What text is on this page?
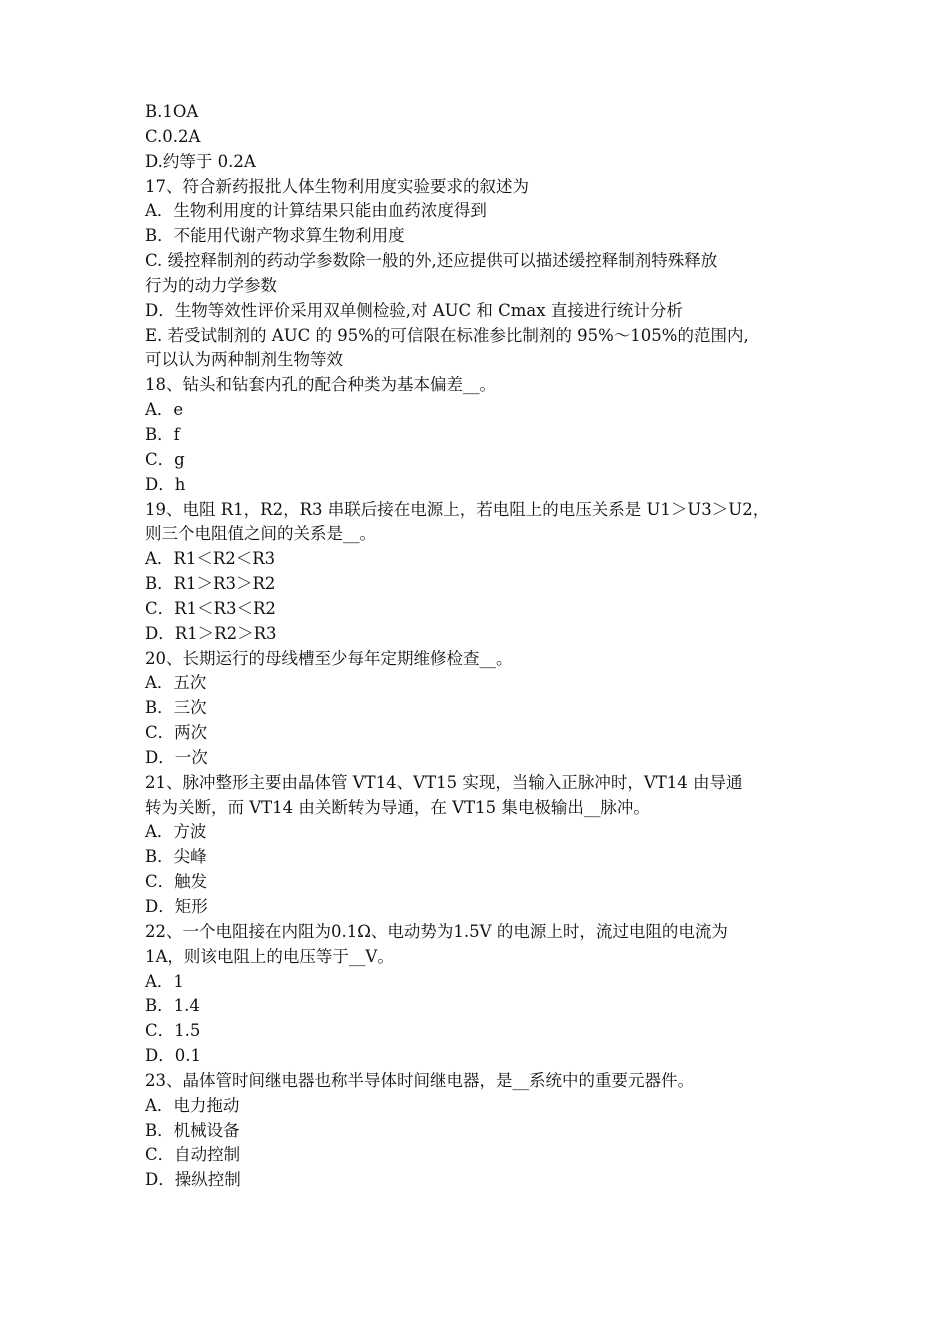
B.1OA

C.0.2A

D.约等于 0.2A

17、符合新药报批人体生物利用度实验要求的叙述为

A．生物利用度的计算结果只能由血药浓度得到

B．不能用代谢产物求算生物利用度

C. 缓控释制剂的药动学参数除一般的外,还应提供可以描述缓控释制剂特殊释放

行为的动力学参数

D．生物等效性评价采用双单侧检验,对 AUC 和 Cmax 直接进行统计分析

E. 若受试制剂的 AUC 的 95%的可信限在标准参比制剂的 95%～105%的范围内,

可以认为两种制剂生物等效

18、钻头和钻套内孔的配合种类为基本偏差__。

A．e

B．f

C．g

D．h

19、电阻 R1，R2，R3 串联后接在电源上，若电阻上的电压关系是 U1＞U3＞U2，

则三个电阻值之间的关系是__。

A．R1＜R2＜R3

B．R1＞R3＞R2

C．R1＜R3＜R2

D．R1＞R2＞R3

20、长期运行的母线槽至少每年定期维修检查__。

A．五次

B．三次

C．两次

D．一次

21、脉冲整形主要由晶体管 VT14、VT15 实现，当输入正脉冲时，VT14 由导通

转为关断，而 VT14 由关断转为导通，在 VT15 集电极输出__脉冲。

A．方波

B．尖峰

C．触发

D．矩形

22、一个电阻接在内阻为0.1Ω、电动势为1.5V 的电源上时，流过电阻的电流为

1A，则该电阻上的电压等于__V。

A．1

B．1.4

C．1.5

D．0.1

23、晶体管时间继电器也称半导体时间继电器，是__系统中的重要元器件。

A．电力拖动

B．机械设备

C．自动控制

D．操纵控制
